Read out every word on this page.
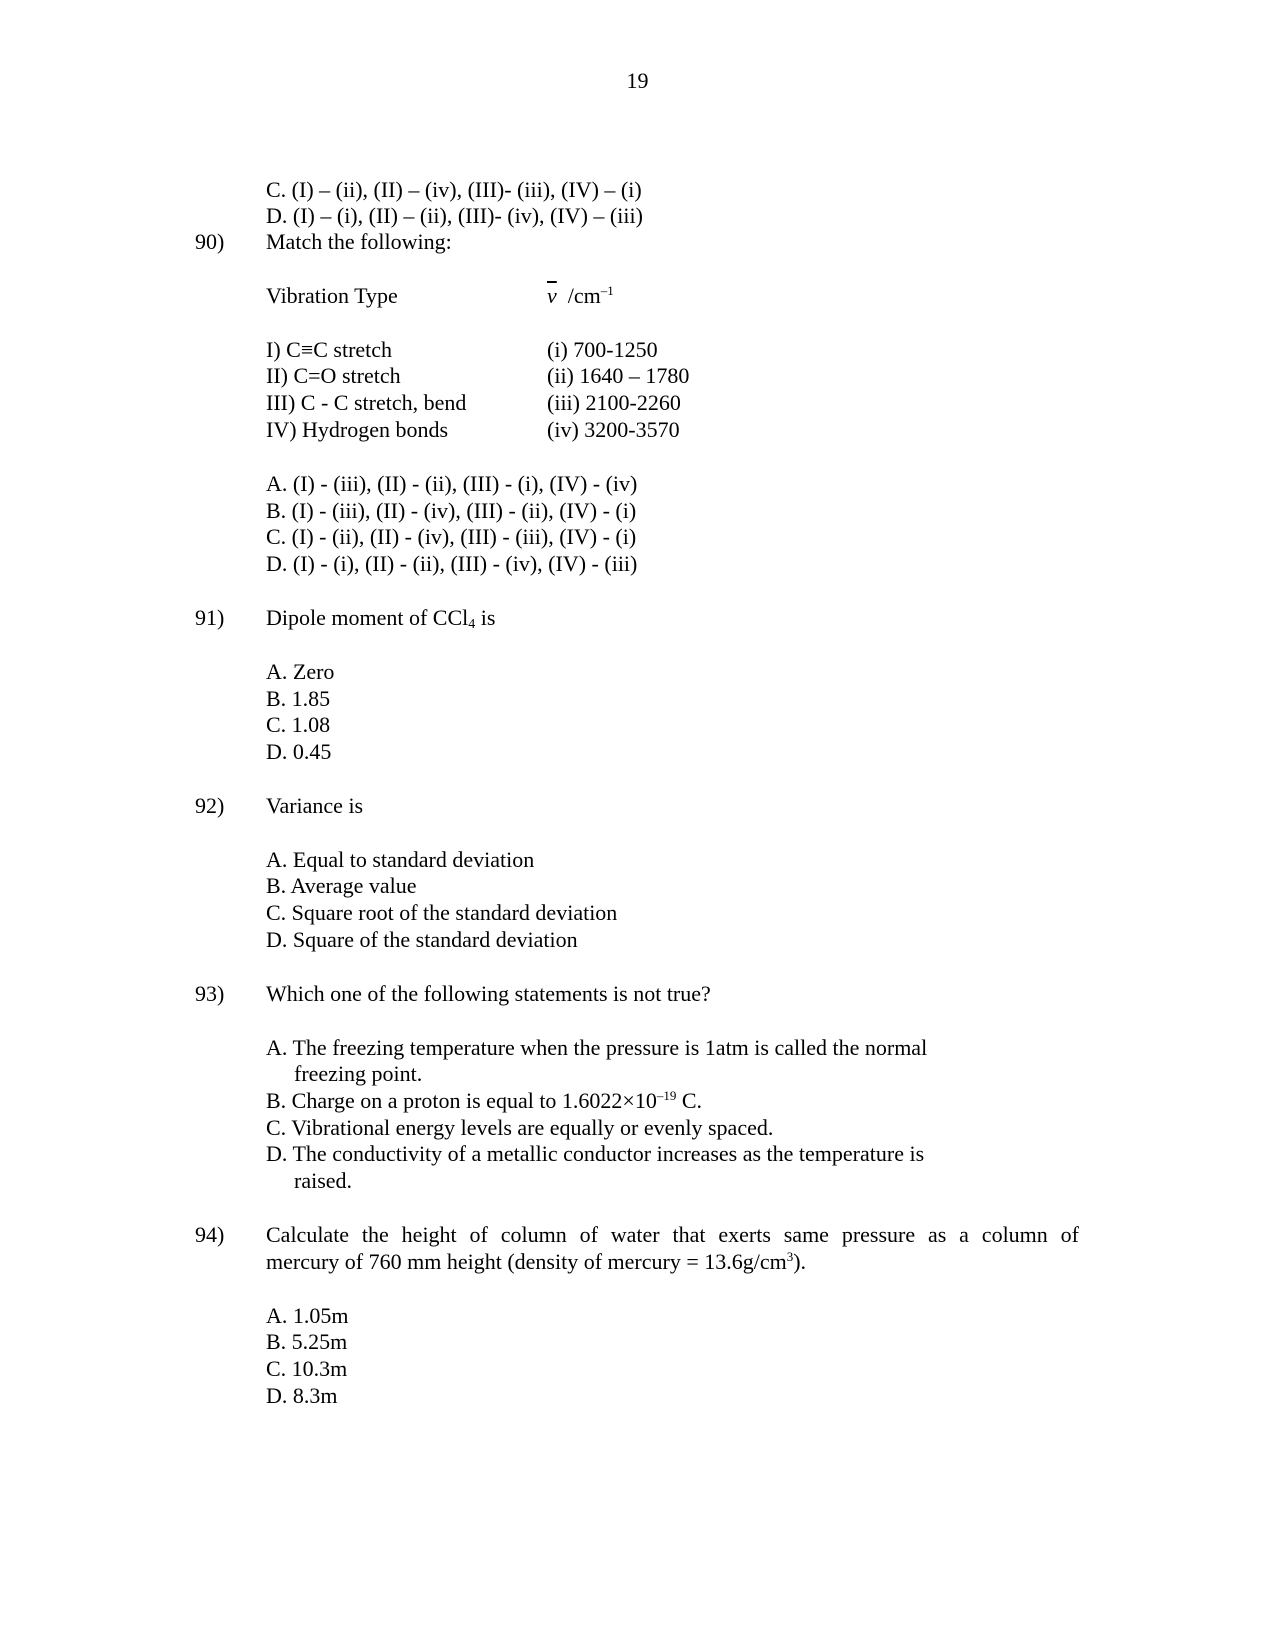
19
C. (I) – (ii), (II) – (iv), (III)- (iii), (IV) – (i)
D. (I) – (i), (II) – (ii), (III)- (iv), (IV) – (iii)
90) Match the following:
Vibration Type	$\overline{v}$ $/cm^{-1}$
I) C≡C stretch	(i) 700-1250
II) C=O stretch	(ii) 1640 – 1780
III) C - C stretch, bend	(iii) 2100-2260
IV) Hydrogen bonds	(iv) 3200-3570
A. (I) - (iii), (II) - (ii), (III) - (i), (IV) - (iv)
B. (I) - (iii), (II) - (iv), (III) - (ii), (IV) - (i)
C. (I) - (ii), (II) - (iv), (III) - (iii), (IV) - (i)
D. (I) - (i), (II) - (ii), (III) - (iv), (IV) - (iii)
91) Dipole moment of CCl$_4$ is
A. Zero
B. 1.85
C. 1.08
D. 0.45
92) Variance is
A. Equal to standard deviation
B. Average value
C. Square root of the standard deviation
D. Square of the standard deviation
93) Which one of the following statements is not true?
A. The freezing temperature when the pressure is 1atm is called the normal
freezing point.
B. Charge on a proton is equal to $1.6022\times 10^{-19}$ C.
C. Vibrational energy levels are equally or evenly spaced.
D. The conductivity of a metallic conductor increases as the temperature is
raised.
94) Calculate the height of column of water that exerts same pressure as a column of
mercury of 760 mm height (density of mercury = $13.6g/cm^3$).
A. 1.05m
B. 5.25m
C. 10.3m
D. 8.3m
